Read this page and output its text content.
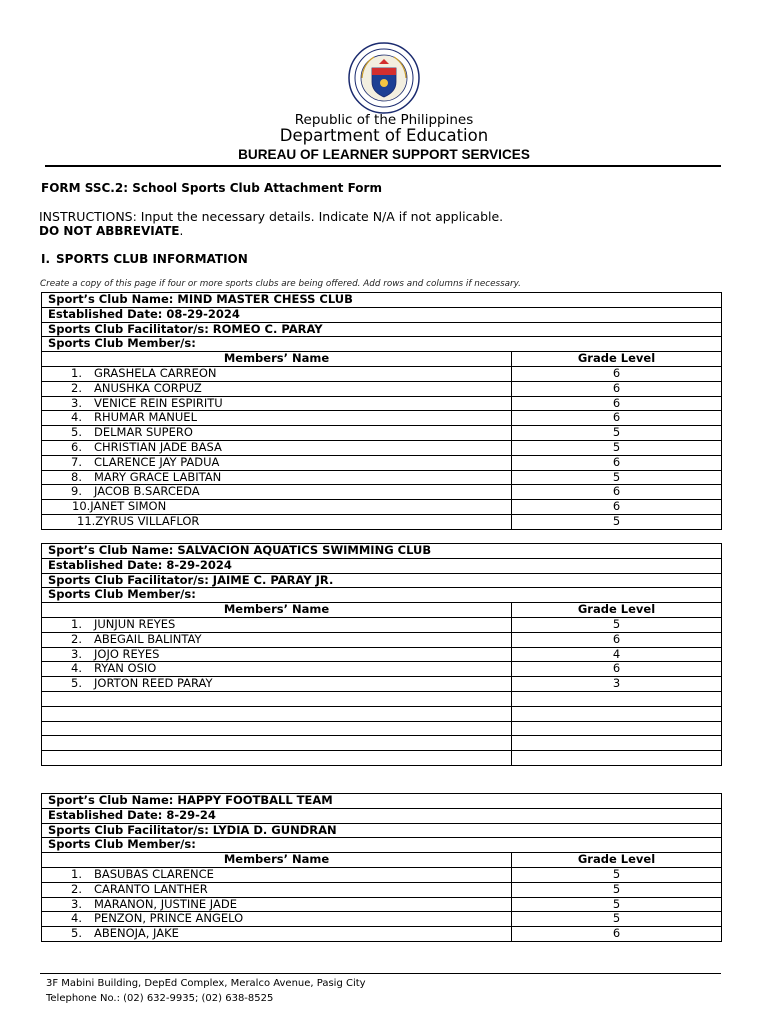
Republic of the Philippines
Department of Education
BUREAU OF LEARNER SUPPORT SERVICES
FORM SSC.2: School Sports Club Attachment Form
INSTRUCTIONS: Input the necessary details. Indicate N/A if not applicable.
DO NOT ABBREVIATE.
I. SPORTS CLUB INFORMATION
Create a copy of this page if four or more sports clubs are being offered. Add rows and columns if necessary.
Sport’s Club Name: MIND MASTER CHESS CLUB	
Established Date: 08-29-2024	
Sports Club Facilitator/s: ROMEO C. PARAY	
Sports Club Member/s:	
Members’ Name	Grade Level
1. GRASHELA CARREON	6
2. ANUSHKA CORPUZ	6
3. VENICE REIN ESPIRITU	6
4. RHUMAR MANUEL	6
5. DELMAR SUPERO	5
6. CHRISTIAN JADE BASA	5
7. CLARENCE JAY PADUA	6
8. MARY GRACE LABITAN	5
9. JACOB B.SARCEDA	6
10.JANET SIMON	6
11.ZYRUS VILLAFLOR	5
Sport’s Club Name: SALVACION AQUATICS SWIMMING CLUB	
Established Date: 8-29-2024	
Sports Club Facilitator/s: JAIME C. PARAY JR.	
Sports Club Member/s:	
Members’ Name	Grade Level
1. JUNJUN REYES	5
2. ABEGAIL BALINTAY	6
3. JOJO REYES	4
4. RYAN OSIO	6
5. JORTON REED PARAY	3

Sport’s Club Name: HAPPY FOOTBALL TEAM	
Established Date: 8-29-24	
Sports Club Facilitator/s: LYDIA D. GUNDRAN	
Sports Club Member/s:	
Members’ Name	Grade Level
1. BASUBAS CLARENCE	5
2. CARANTO LANTHER	5
3. MARANON, JUSTINE JADE	5
4. PENZON, PRINCE ANGELO	5
5. ABENOJA, JAKE	6
3F Mabini Building, DepEd Complex, Meralco Avenue, Pasig City
Telephone No.: (02) 632-9935; (02) 638-8525
